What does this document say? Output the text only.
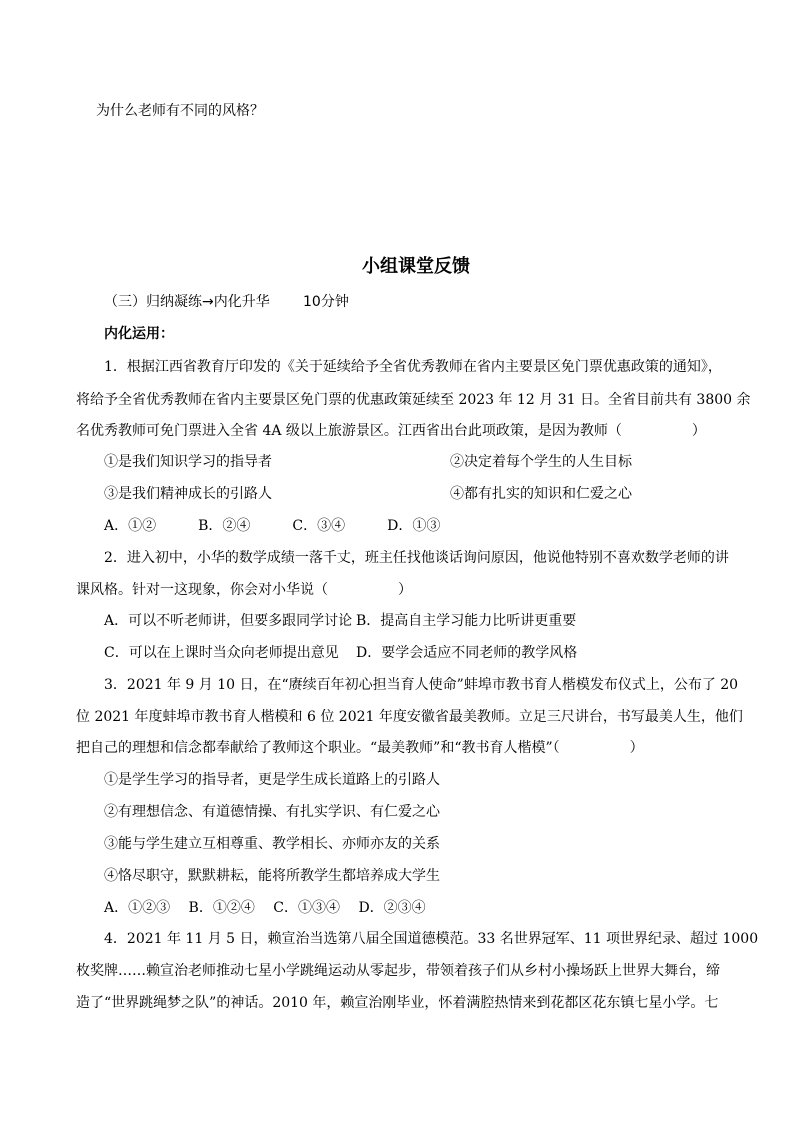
为什么老师有不同的风格？
小组课堂反馈
（三）归纳凝练→内化升华 10分钟
内化运用：
1．根据江西省教育厅印发的《关于延续给予全省优秀教师在省内主要景区免门票优惠政策的通知》，
将给予全省优秀教师在省内主要景区免门票的优惠政策延续至 2023 年 12 月 31 日。全省目前共有 3800 余
名优秀教师可免门票进入全省 4A 级以上旅游景区。江西省出台此项政策，是因为教师（　　　　　）
①是我们知识学习的指导者	②决定着每个学生的人生目标
③是我们精神成长的引路人	④都有扎实的知识和仁爱之心
A．①②　　　B．②④　　　C．③④　　　D．①③
2．进入初中，小华的数学成绩一落千丈，班主任找他谈话询问原因，他说他特别不喜欢数学老师的讲
课风格。针对一这现象，你会对小华说（　　　　　）
A．可以不听老师讲，但要多跟同学讨论 B．提高自主学习能力比听讲更重要
C．可以在上课时当众向老师提出意见 D．要学会适应不同老师的教学风格
3．2021 年 9 月 10 日，在“赓续百年初心担当育人使命”蚌埠市教书育人楷模发布仪式上，公布了 20
位 2021 年度蚌埠市教书育人楷模和 6 位 2021 年度安徽省最美教师。立足三尺讲台，书写最美人生，他们
把自己的理想和信念都奉献给了教师这个职业。“最美教师”和“教书育人楷模”（　　　　　）
①是学生学习的指导者，更是学生成长道路上的引路人
②有理想信念、有道德情操、有扎实学识、有仁爱之心
③能与学生建立互相尊重、教学相长、亦师亦友的关系
④恪尽职守，默默耕耘，能将所教学生都培养成大学生
A．①②③　 B．①②④　 C．①③④　 D．②③④
4．2021 年 11 月 5 日，赖宣治当选第八届全国道德模范。33 名世界冠军、11 项世界纪录、超过 1000
枚奖牌……赖宣治老师推动七星小学跳绳运动从零起步，带领着孩子们从乡村小操场跃上世界大舞台，缔
造了“世界跳绳梦之队”的神话。2010 年，赖宣治刚毕业，怀着满腔热情来到花都区花东镇七星小学。七
